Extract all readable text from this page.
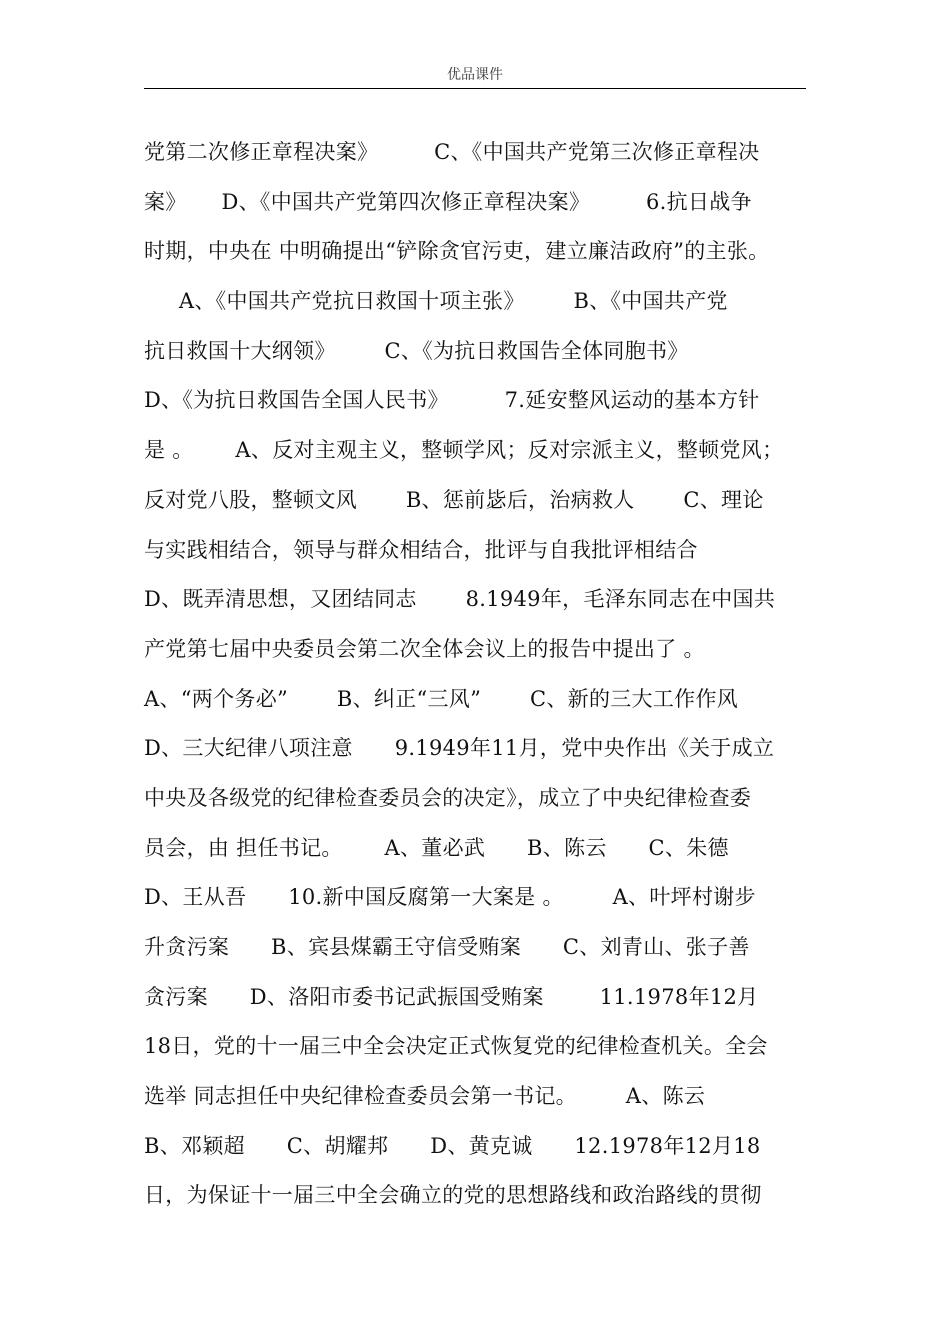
优品课件
党第二次修正章程决案》        C、《中国共产党第三次修正章程决
案》     D、《中国共产党第四次修正章程决案》        6.抗日战争
时期，中央在 中明确提出“铲除贪官污吏，建立廉洁政府”的主张。
A、《中国共产党抗日救国十项主张》       B、《中国共产党
抗日救国十大纲领》       C、《为抗日救国告全体同胞书》
D、《为抗日救国告全国人民书》        7.延安整风运动的基本方针
是 。      A、反对主观主义，整顿学风；反对宗派主义，整顿党风；
反对党八股，整顿文风       B、惩前毖后，治病救人       C、理论
与实践相结合，领导与群众相结合，批评与自我批评相结合
D、既弄清思想，又团结同志       8.1949年，毛泽东同志在中国共
产党第七届中央委员会第二次全体会议上的报告中提出了 。
A、“两个务必”       B、纠正“三风”       C、新的三大工作作风
D、三大纪律八项注意      9.1949年11月，党中央作出《关于成立
中央及各级党的纪律检查委员会的决定》，成立了中央纪律检查委
员会，由 担任书记。      A、董必武      B、陈云      C、朱德
D、王从吾      10.新中国反腐第一大案是 。       A、叶坪村谢步
升贪污案      B、宾县煤霸王守信受贿案      C、刘青山、张子善
贪污案      D、洛阳市委书记武振国受贿案        11.1978年12月
18日，党的十一届三中全会决定正式恢复党的纪律检查机关。全会
选举 同志担任中央纪律检查委员会第一书记。       A、陈云
B、邓颖超      C、胡耀邦      D、黄克诚      12.1978年12月18
日，为保证十一届三中全会确立的党的思想路线和政治路线的贯彻
